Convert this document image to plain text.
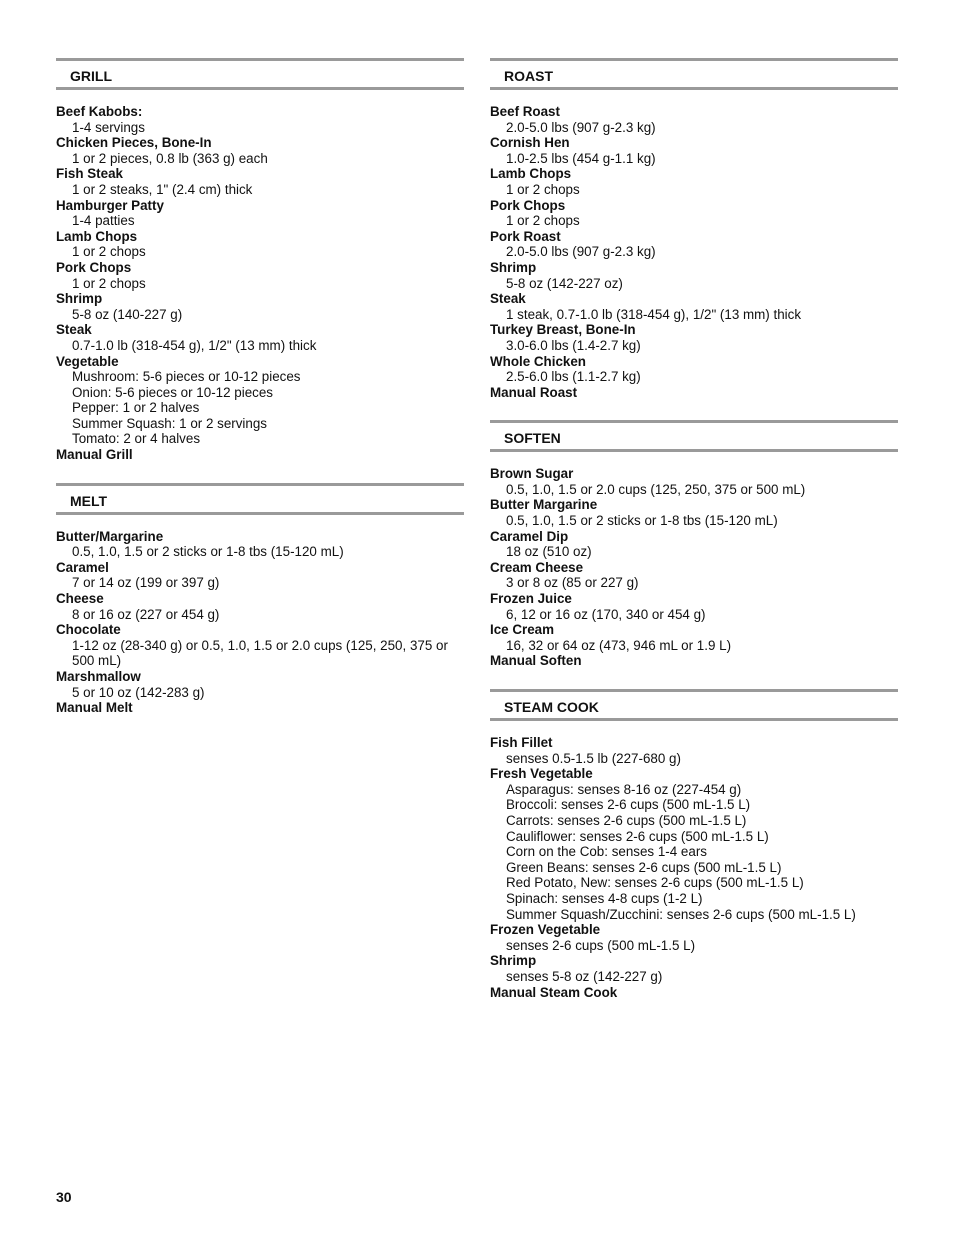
GRILL
Beef Kabobs:
1-4 servings
Chicken Pieces, Bone-In
1 or 2 pieces, 0.8 lb (363 g) each
Fish Steak
1 or 2 steaks, 1" (2.4 cm) thick
Hamburger Patty
1-4 patties
Lamb Chops
1 or 2 chops
Pork Chops
1 or 2 chops
Shrimp
5-8 oz (140-227 g)
Steak
0.7-1.0 lb (318-454 g), 1/2" (13 mm) thick
Vegetable
Mushroom: 5-6 pieces or 10-12 pieces
Onion: 5-6 pieces or 10-12 pieces
Pepper: 1 or 2 halves
Summer Squash: 1 or 2 servings
Tomato: 2 or 4 halves
Manual Grill
MELT
Butter/Margarine
0.5, 1.0, 1.5 or 2 sticks or 1-8 tbs (15-120 mL)
Caramel
7 or 14 oz (199 or 397 g)
Cheese
8 or 16 oz (227 or 454 g)
Chocolate
1-12 oz (28-340 g) or 0.5, 1.0, 1.5 or 2.0 cups (125, 250, 375 or
500 mL)
Marshmallow
5 or 10 oz (142-283 g)
Manual Melt
ROAST
Beef Roast
2.0-5.0 lbs (907 g-2.3 kg)
Cornish Hen
1.0-2.5 lbs (454 g-1.1 kg)
Lamb Chops
1 or 2 chops
Pork Chops
1 or 2 chops
Pork Roast
2.0-5.0 lbs (907 g-2.3 kg)
Shrimp
5-8 oz (142-227 oz)
Steak
1 steak, 0.7-1.0 lb (318-454 g), 1/2" (13 mm) thick
Turkey Breast, Bone-In
3.0-6.0 lbs (1.4-2.7 kg)
Whole Chicken
2.5-6.0 lbs (1.1-2.7 kg)
Manual Roast
SOFTEN
Brown Sugar
0.5, 1.0, 1.5 or 2.0 cups (125, 250, 375 or 500 mL)
Butter Margarine
0.5, 1.0, 1.5 or 2 sticks or 1-8 tbs (15-120 mL)
Caramel Dip
18 oz (510 oz)
Cream Cheese
3 or 8 oz (85 or 227 g)
Frozen Juice
6, 12 or 16 oz (170, 340 or 454 g)
Ice Cream
16, 32 or 64 oz (473, 946 mL or 1.9 L)
Manual Soften
STEAM COOK
Fish Fillet
senses 0.5-1.5 lb (227-680 g)
Fresh Vegetable
Asparagus: senses 8-16 oz (227-454 g)
Broccoli: senses 2-6 cups (500 mL-1.5 L)
Carrots: senses 2-6 cups (500 mL-1.5 L)
Cauliflower: senses 2-6 cups (500 mL-1.5 L)
Corn on the Cob: senses 1-4 ears
Green Beans: senses 2-6 cups (500 mL-1.5 L)
Red Potato, New: senses 2-6 cups (500 mL-1.5 L)
Spinach: senses 4-8 cups (1-2 L)
Summer Squash/Zucchini: senses 2-6 cups (500 mL-1.5 L)
Frozen Vegetable
senses 2-6 cups (500 mL-1.5 L)
Shrimp
senses 5-8 oz (142-227 g)
Manual Steam Cook
30
